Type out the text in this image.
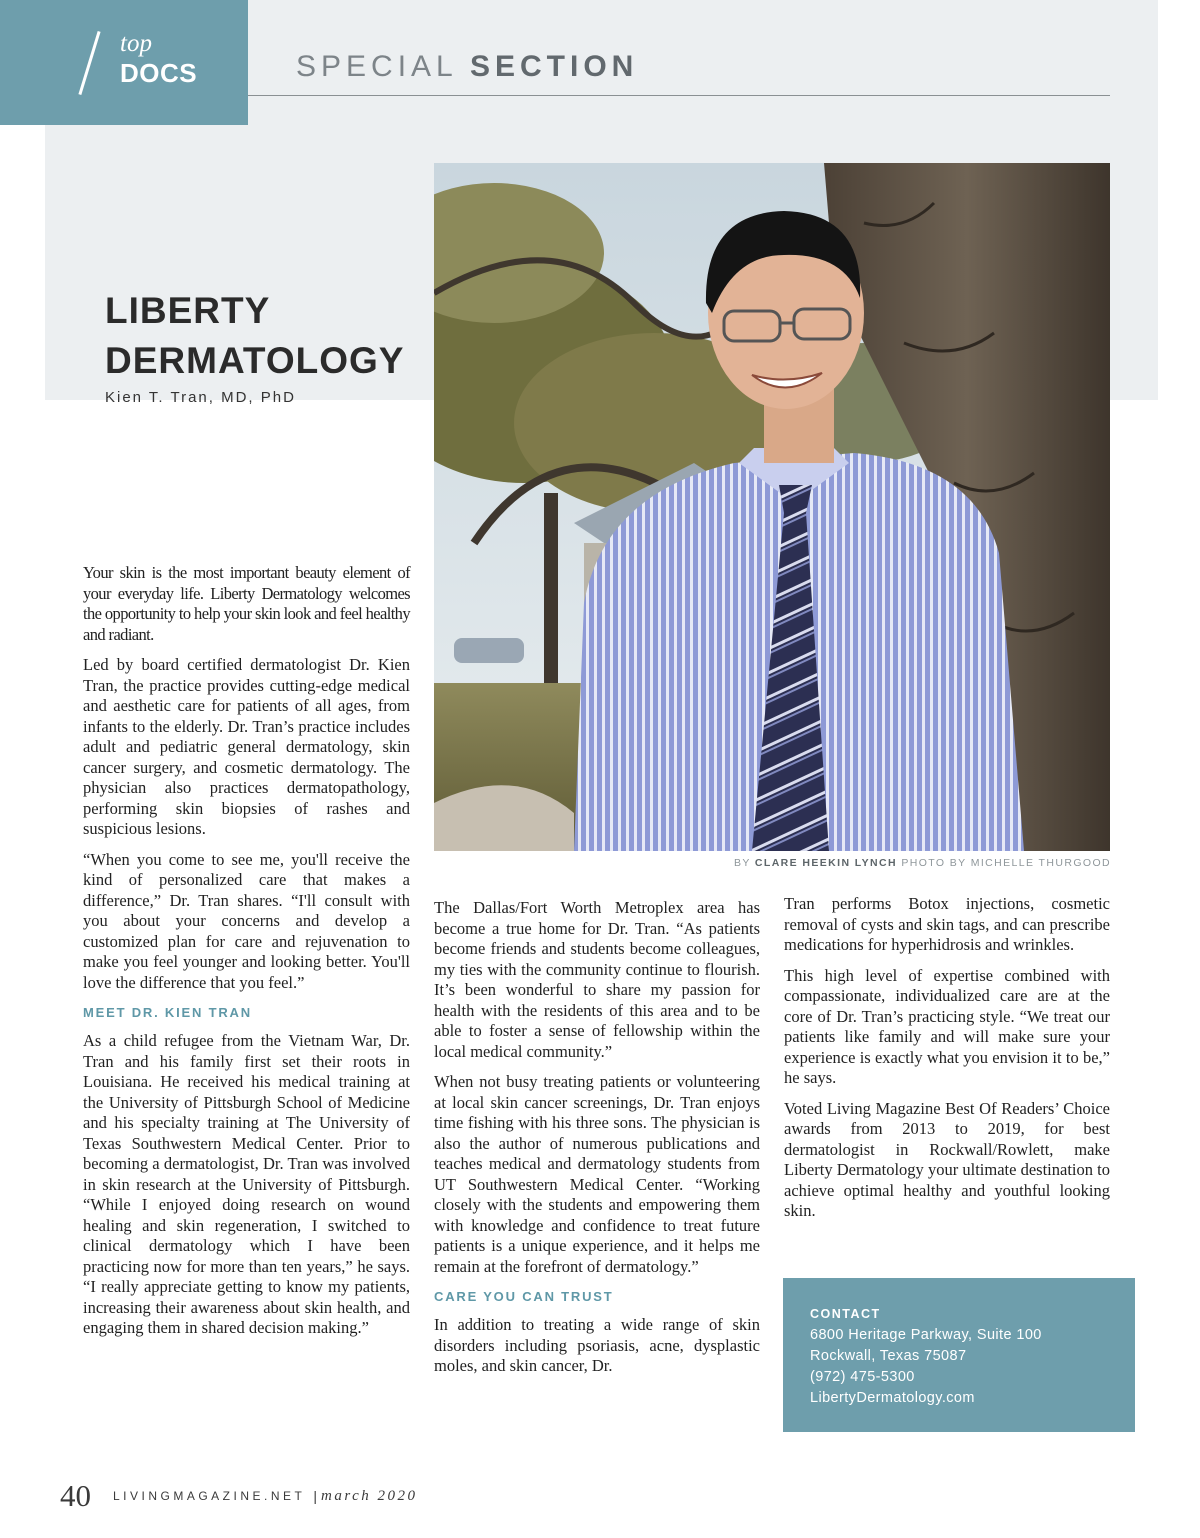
top
DOCS	SPECIAL SECTION
LIBERTY
DERMATOLOGY
Kien T. Tran, MD, PhD
BY CLARE HEEKIN LYNCH PHOTO BY MICHELLE THURGOOD

Your skin is the most important beauty element of your everyday life. Liberty Dermatology welcomes the opportunity to help your skin look and feel healthy and radiant.

Led by board certified dermatologist Dr. Kien Tran, the practice provides cutting-edge medical and aesthetic care for patients of all ages, from infants to the elderly. Dr. Tran’s practice includes adult and pediatric general dermatology, skin cancer surgery, and cosmetic dermatology. The physician also practices dermatopathology, performing skin biopsies of rashes and suspicious lesions.

“When you come to see me, you'll receive the kind of personalized care that makes a difference,” Dr. Tran shares. “I'll consult with you about your concerns and develop a customized plan for care and rejuvenation to make you feel younger and looking better. You'll love the difference that you feel.”

MEET DR. KIEN TRAN

As a child refugee from the Vietnam War, Dr. Tran and his family first set their roots in Louisiana. He received his medical training at the University of Pittsburgh School of Medicine and his specialty training at The University of Texas Southwestern Medical Center. Prior to becoming a dermatologist, Dr. Tran was involved in skin research at the University of Pittsburgh. “While I enjoyed doing research on wound healing and skin regeneration, I switched to clinical dermatology which I have been practicing now for more than ten years,” he says. “I really appreciate getting to know my patients, increasing their awareness about skin health, and engaging them in shared decision making.”

The Dallas/Fort Worth Metroplex area has become a true home for Dr. Tran. “As patients become friends and students become colleagues, my ties with the community continue to flourish. It’s been wonderful to share my passion for health with the residents of this area and to be able to foster a sense of fellowship within the local medical community.”

When not busy treating patients or volunteering at local skin cancer screenings, Dr. Tran enjoys time fishing with his three sons. The physician is also the author of numerous publications and teaches medical and dermatology students from UT Southwestern Medical Center. “Working closely with the students and empowering them with knowledge and confidence to treat future patients is a unique experience, and it helps me remain at the forefront of dermatology.”

CARE YOU CAN TRUST

In addition to treating a wide range of skin disorders including psoriasis, acne, dysplastic moles, and skin cancer, Dr.

Tran performs Botox injections, cosmetic removal of cysts and skin tags, and can prescribe medications for hyperhidrosis and wrinkles.

This high level of expertise combined with compassionate, individualized care are at the core of Dr. Tran’s practicing style. “We treat our patients like family and will make sure your experience is exactly what you envision it to be,” he says.

Voted Living Magazine Best Of Readers’ Choice awards from 2013 to 2019, for best dermatologist in Rockwall/Rowlett, make Liberty Dermatology your ultimate destination to achieve optimal healthy and youthful looking skin.

CONTACT
6800 Heritage Parkway, Suite 100
Rockwall, Texas 75087
(972) 475-5300
LibertyDermatology.com
40 LIVINGMAGAZINE.NET | march 2020
